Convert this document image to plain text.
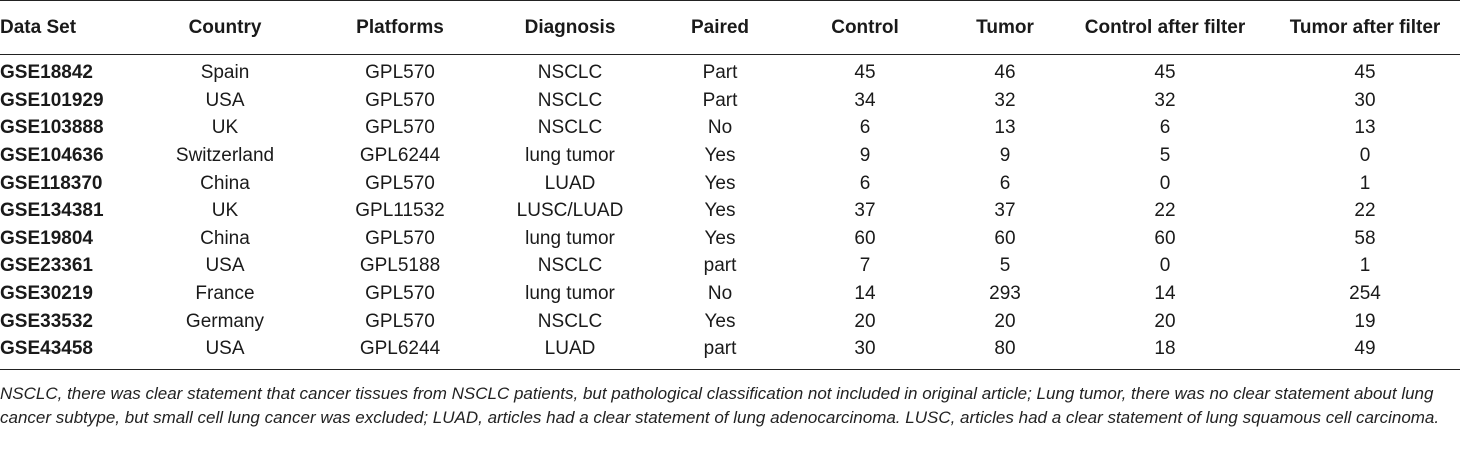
Data Set	Country	Platforms	Diagnosis	Paired	Control	Tumor	Control after filter	Tumor after filter
GSE18842	Spain	GPL570	NSCLC	Part	45	46	45	45
GSE101929	USA	GPL570	NSCLC	Part	34	32	32	30
GSE103888	UK	GPL570	NSCLC	No	6	13	6	13
GSE104636	Switzerland	GPL6244	lung tumor	Yes	9	9	5	0
GSE118370	China	GPL570	LUAD	Yes	6	6	0	1
GSE134381	UK	GPL11532	LUSC/LUAD	Yes	37	37	22	22
GSE19804	China	GPL570	lung tumor	Yes	60	60	60	58
GSE23361	USA	GPL5188	NSCLC	part	7	5	0	1
GSE30219	France	GPL570	lung tumor	No	14	293	14	254
GSE33532	Germany	GPL570	NSCLC	Yes	20	20	20	19
GSE43458	USA	GPL6244	LUAD	part	30	80	18	49
NSCLC, there was clear statement that cancer tissues from NSCLC patients, but pathological classification not included in original article; Lung tumor, there was no clear statement about lung cancer subtype, but small cell lung cancer was excluded; LUAD, articles had a clear statement of lung adenocarcinoma. LUSC, articles had a clear statement of lung squamous cell carcinoma.
